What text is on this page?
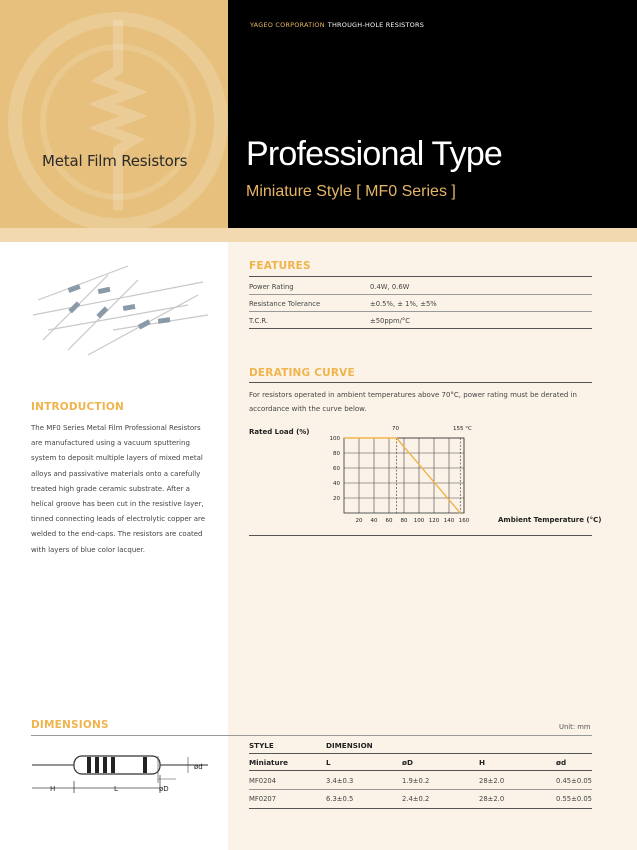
Metal Film Resistors
YAGEO CORPORATION THROUGH-HOLE RESISTORS
Professional Type
Miniature Style [ MF0 Series ]
FEATURES
Power Rating	0.4W, 0.6W
Resistance Tolerance	±0.5%, ± 1%, ±5%
T.C.R.	±50ppm/°C
DERATING CURVE
For resistors operated in ambient temperatures above 70°C, power rating must be derated in accordance with the curve below.
Rated Load (%)
Ambient Temperature (°C)
70	155 °C
20 40 60 80 100 120 140 160
20
40
60
80
100
INTRODUCTION
The MF0 Series Metal Film Professional Resistors are manufactured using a vacuum sputtering system to deposit multiple layers of mixed metal alloys and passivative materials onto a carefully treated high grade ceramic substrate. After a helical groove has been cut in the resistive layer, tinned connecting leads of electrolytic copper are welded to the end-caps. The resistors are coated with layers of blue color lacquer.
DIMENSIONS	Unit: mm
H	L	øD
ød
STYLE	DIMENSION
Miniature	L	øD	H	ød
MF0204	3.4±0.3	1.9±0.2	28±2.0	0.45±0.05
MF0207	6.3±0.5	2.4±0.2	28±2.0	0.55±0.05
